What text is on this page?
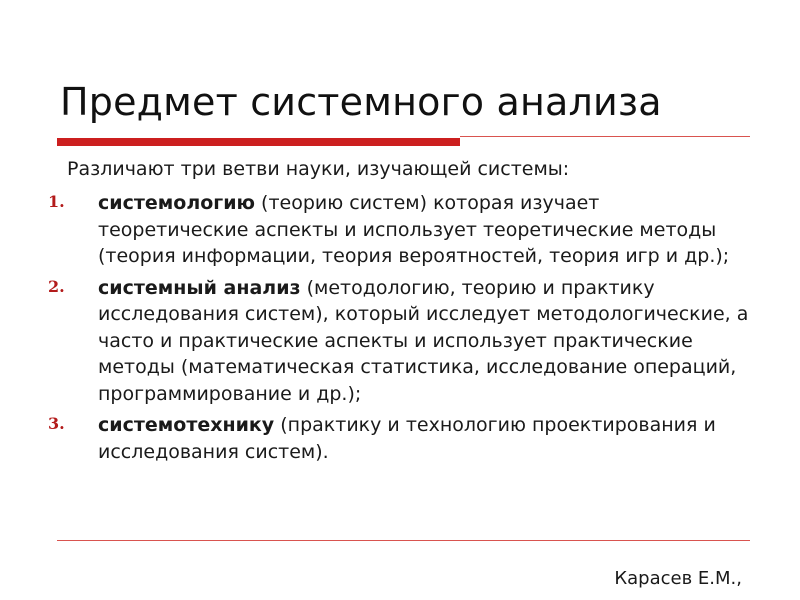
Предмет системного анализа
Различают три ветви науки, изучающей системы:
1. системологию (теорию систем) которая изучает теоретические аспекты и использует теоретические методы (теория информации, теория вероятностей, теория игр и др.);
2. системный анализ (методологию, теорию и практику исследования систем), который исследует методологические, а часто и практические аспекты и использует практические методы (математическая статистика, исследование операций, программирование и др.);
3. системотехнику (практику и технологию проектирования и исследования систем).
Карасев Е.М.,
